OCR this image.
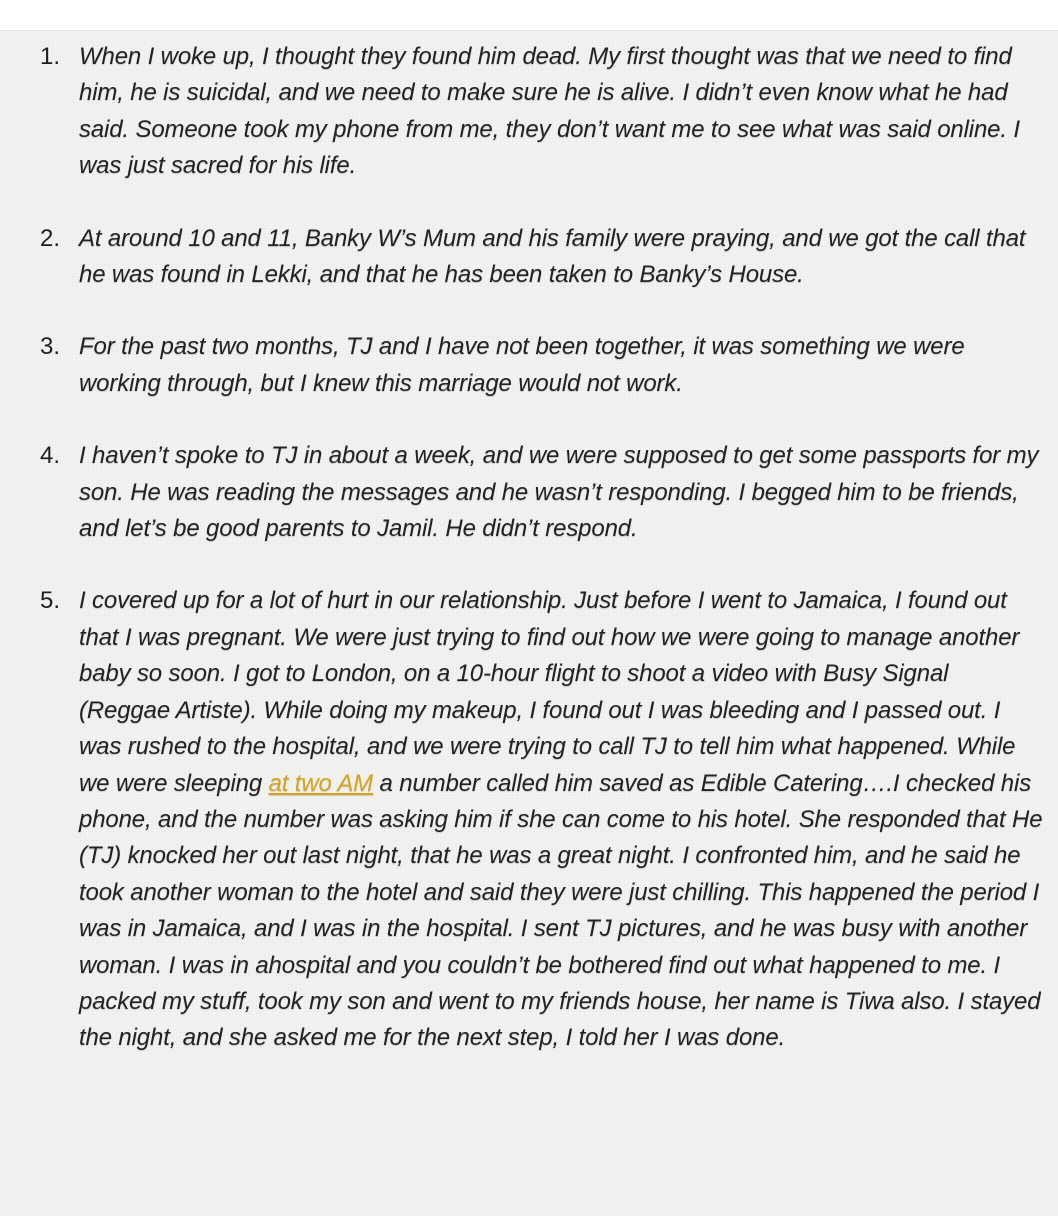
1. When I woke up, I thought they found him dead. My first thought was that we need to find him, he is suicidal, and we need to make sure he is alive. I didn’t even know what he had said. Someone took my phone from me, they don’t want me to see what was said online. I was just sacred for his life.
2. At around 10 and 11, Banky W’s Mum and his family were praying, and we got the call that he was found in Lekki, and that he has been taken to Banky’s House.
3. For the past two months, TJ and I have not been together, it was something we were working through, but I knew this marriage would not work.
4. I haven’t spoke to TJ in about a week, and we were supposed to get some passports for my son. He was reading the messages and he wasn’t responding. I begged him to be friends, and let’s be good parents to Jamil. He didn’t respond.
5. I covered up for a lot of hurt in our relationship. Just before I went to Jamaica, I found out that I was pregnant. We were just trying to find out how we were going to manage another baby so soon. I got to London, on a 10-hour flight to shoot a video with Busy Signal (Reggae Artiste). While doing my makeup, I found out I was bleeding and I passed out. I was rushed to the hospital, and we were trying to call TJ to tell him what happened. While we were sleeping at two AM a number called him saved as Edible Catering….I checked his phone, and the number was asking him if she can come to his hotel. She responded that He (TJ) knocked her out last night, that he was a great night. I confronted him, and he said he took another woman to the hotel and said they were just chilling. This happened the period I was in Jamaica, and I was in the hospital. I sent TJ pictures, and he was busy with another woman. I was in ahospital and you couldn’t be bothered find out what happened to me. I packed my stuff, took my son and went to my friends house, her name is Tiwa also. I stayed the night, and she asked me for the next step, I told her I was done.
